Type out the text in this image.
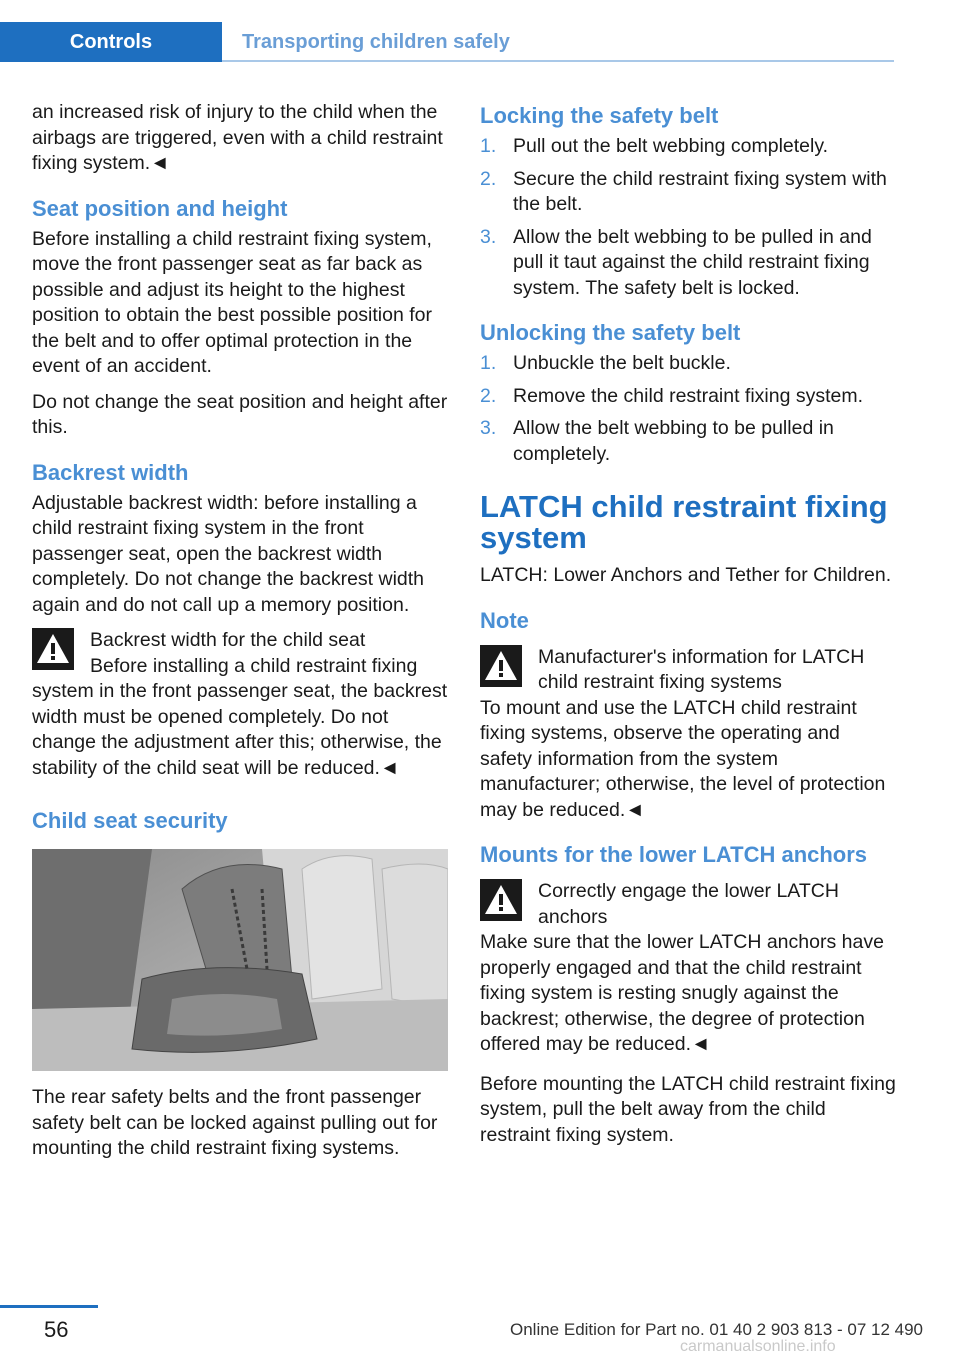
Controls	Transporting children safely

an increased risk of injury to the child when the airbags are triggered, even with a child restraint fixing system.◄

Seat position and height

Before installing a child restraint fixing system, move the front passenger seat as far back as possible and adjust its height to the highest position to obtain the best possible position for the belt and to offer optimal protection in the event of an accident.

Do not change the seat position and height after this.

Backrest width

Adjustable backrest width: before installing a child restraint fixing system in the front passenger seat, open the backrest width completely. Do not change the backrest width again and do not call up a memory position.

Backrest width for the child seat

Before installing a child restraint fixing system in the front passenger seat, the backrest width must be opened completely. Do not change the adjustment after this; otherwise, the stability of the child seat will be reduced.◄

Child seat security

The rear safety belts and the front passenger safety belt can be locked against pulling out for mounting the child restraint fixing systems.

Locking the safety belt
1. Pull out the belt webbing completely.
2. Secure the child restraint fixing system with the belt.
3. Allow the belt webbing to be pulled in and pull it taut against the child restraint fixing system. The safety belt is locked.
Unlocking the safety belt
1. Unbuckle the belt buckle.
2. Remove the child restraint fixing system.
3. Allow the belt webbing to be pulled in completely.
LATCH child restraint fixing system

LATCH: Lower Anchors and Tether for Children.

Note
Manufacturer's information for LATCH child restraint fixing systems

To mount and use the LATCH child restraint fixing systems, observe the operating and safety information from the system manufacturer; otherwise, the level of protection may be reduced.◄

Mounts for the lower LATCH anchors
Correctly engage the lower LATCH anchors

Make sure that the lower LATCH anchors have properly engaged and that the child restraint fixing system is resting snugly against the backrest; otherwise, the degree of protection offered may be reduced.◄

Before mounting the LATCH child restraint fixing system, pull the belt away from the child restraint fixing system.

56	Online Edition for Part no. 01 40 2 903 813 - 07 12 490
carmanualsonline.info
